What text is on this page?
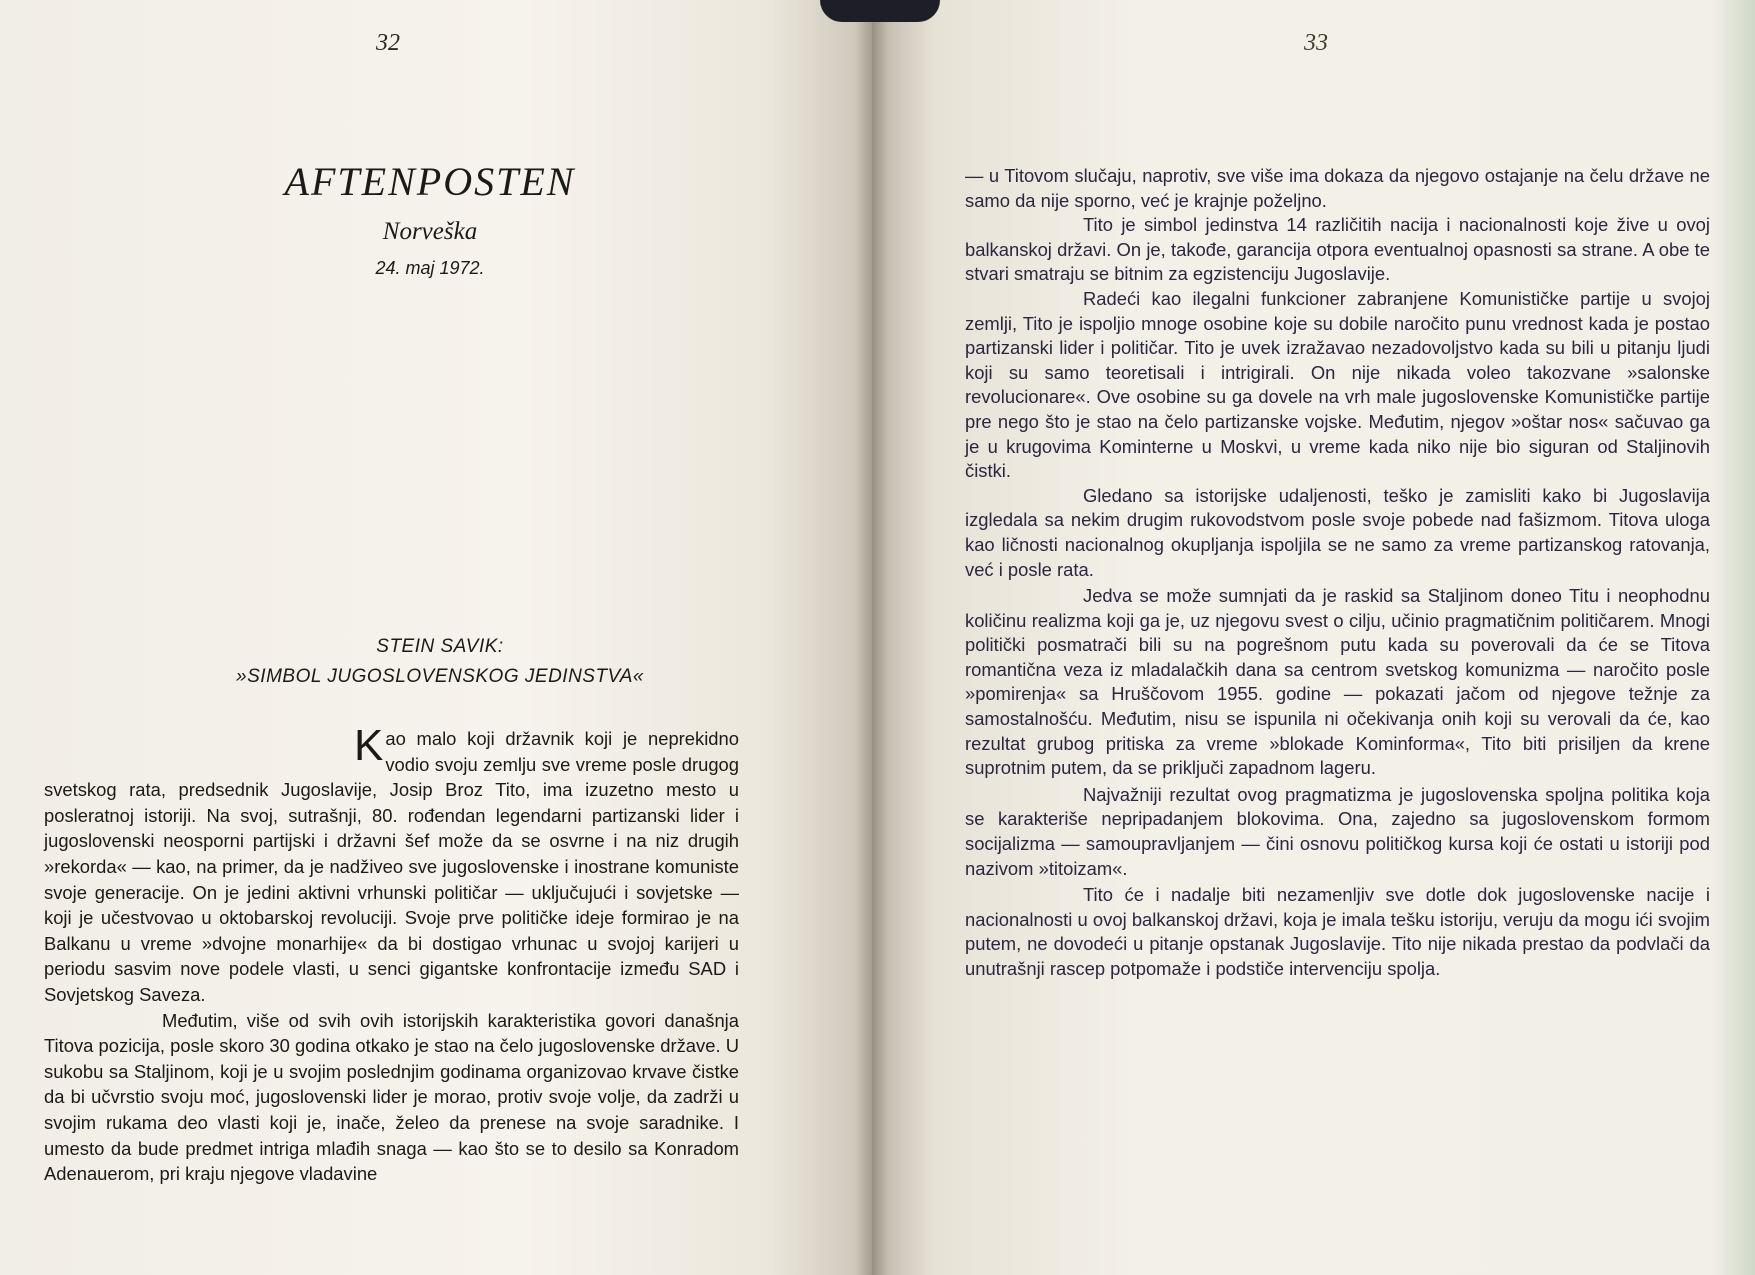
32
AFTENPOSTEN
Norveška
24. maj 1972.
STEIN SAVIK:
»SIMBOL JUGOSLOVENSKOG JEDINSTVA«

Kao malo koji državnik koji je neprekidno vodio svoju zemlju sve vreme posle drugog svetskog rata, predsednik Jugoslavije, Josip Broz Tito, ima izuzetno mesto u posleratnoj istoriji. Na svoj, sutrašnji, 80. rođendan legendarni partizanski lider i jugoslovenski neosporni partijski i državni šef može da se osvrne i na niz drugih »rekorda« — kao, na primer, da je nadživeo sve jugoslovenske i inostrane komuniste svoje generacije. On je jedini aktivni vrhunski političar — uključujući i sovjetske — koji je učestvovao u oktobarskoj revoluciji. Svoje prve političke ideje formirao je na Balkanu u vreme »dvojne monarhije« da bi dostigao vrhunac u svojoj karijeri u periodu sasvim nove podele vlasti, u senci gigantske konfrontacije između SAD i Sovjetskog Saveza.

Međutim, više od svih ovih istorijskih karakteristika govori današnja Titova pozicija, posle skoro 30 godina otkako je stao na čelo jugoslovenske države. U sukobu sa Staljinom, koji je u svojim poslednjim godinama organizovao krvave čistke da bi učvrstio svoju moć, jugoslovenski lider je morao, protiv svoje volje, da zadrži u svojim rukama deo vlasti koji je, inače, želeo da prenese na svoje saradnike. I umesto da bude predmet intriga mlađih snaga — kao što se to desilo sa Konradom Adenauerom, pri kraju njegove vladavine

33

— u Titovom slučaju, naprotiv, sve više ima dokaza da njegovo ostajanje na čelu države ne samo da nije sporno, već je krajnje poželjno.

Tito je simbol jedinstva 14 različitih nacija i nacionalnosti koje žive u ovoj balkanskoj državi. On je, takođe, garancija otpora eventualnoj opasnosti sa strane. A obe te stvari smatraju se bitnim za egzistenciju Jugoslavije.

Radeći kao ilegalni funkcioner zabranjene Komunističke partije u svojoj zemlji, Tito je ispoljio mnoge osobine koje su dobile naročito punu vrednost kada je postao partizanski lider i političar. Tito je uvek izražavao nezadovoljstvo kada su bili u pitanju ljudi koji su samo teoretisali i intrigirali. On nije nikada voleo takozvane »salonske revolucionare«. Ove osobine su ga dovele na vrh male jugoslovenske Komunističke partije pre nego što je stao na čelo partizanske vojske. Međutim, njegov »oštar nos« sačuvao ga je u krugovima Kominterne u Moskvi, u vreme kada niko nije bio siguran od Staljinovih čistki.

Gledano sa istorijske udaljenosti, teško je zamisliti kako bi Jugoslavija izgledala sa nekim drugim rukovodstvom posle svoje pobede nad fašizmom. Titova uloga kao ličnosti nacionalnog okupljanja ispoljila se ne samo za vreme partizanskog ratovanja, već i posle rata.

Jedva se može sumnjati da je raskid sa Staljinom doneo Titu i neophodnu količinu realizma koji ga je, uz njegovu svest o cilju, učinio pragmatičnim političarem. Mnogi politički posmatrači bili su na pogrešnom putu kada su poverovali da će se Titova romantična veza iz mladalačkih dana sa centrom svetskog komunizma — naročito posle »pomirenja« sa Hruščovom 1955. godine — pokazati jačom od njegove težnje za samostalnošću. Međutim, nisu se ispunila ni očekivanja onih koji su verovali da će, kao rezultat grubog pritiska za vreme »blokade Kominforma«, Tito biti prisiljen da krene suprotnim putem, da se priključi zapadnom lageru.

Najvažniji rezultat ovog pragmatizma je jugoslovenska spoljna politika koja se karakteriše nepripadanjem blokovima. Ona, zajedno sa jugoslovenskom formom socijalizma — samoupravljanjem — čini osnovu političkog kursa koji će ostati u istoriji pod nazivom »titoizam«.

Tito će i nadalje biti nezamenljiv sve dotle dok jugoslovenske nacije i nacionalnosti u ovoj balkanskoj državi, koja je imala tešku istoriju, veruju da mogu ići svojim putem, ne dovodeći u pitanje opstanak Jugoslavije. Tito nije nikada prestao da podvlači da unutrašnji rascep potpomaže i podstiče intervenciju spolja.
